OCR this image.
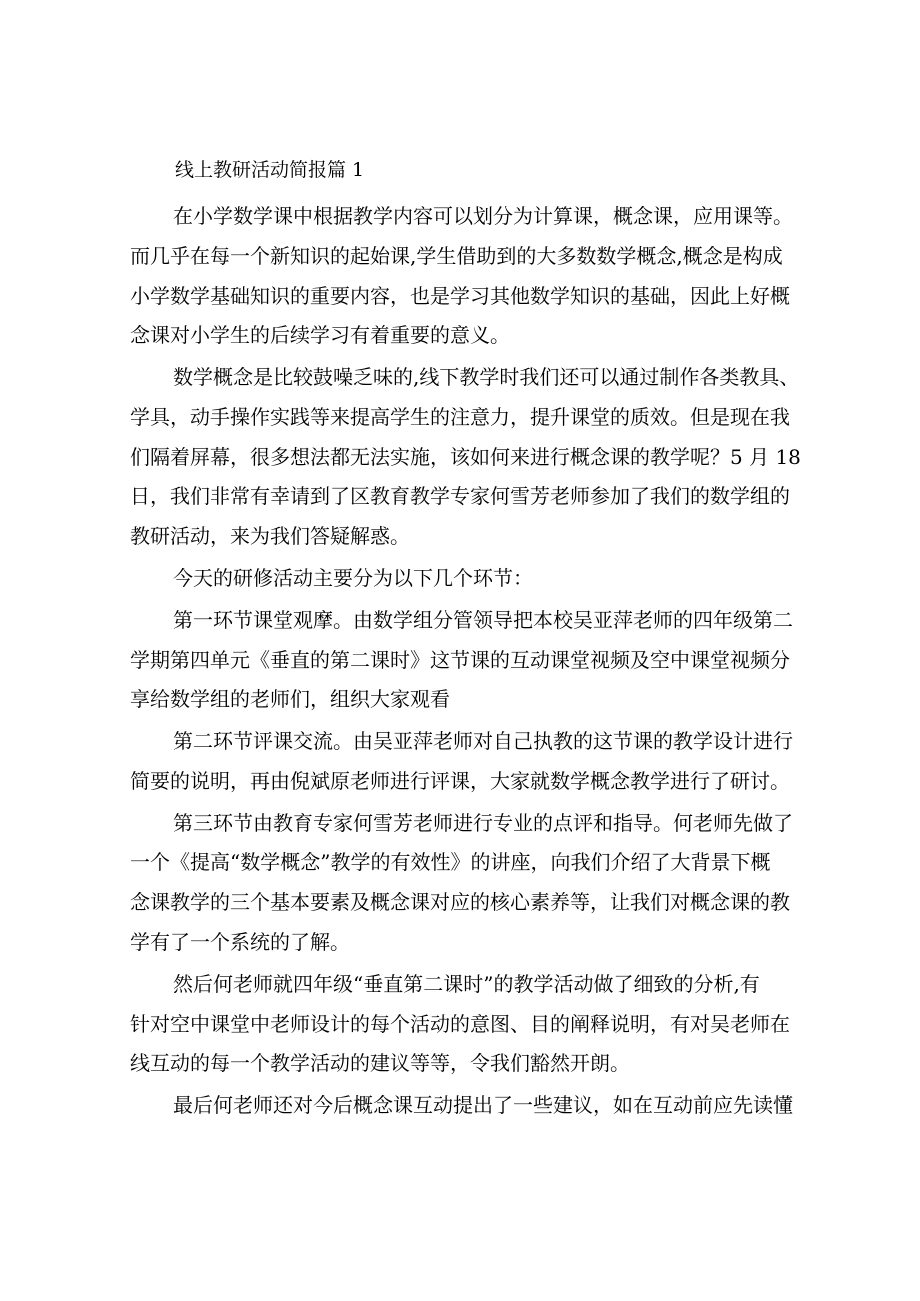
线上教研活动简报篇 1
在小学数学课中根据教学内容可以划分为计算课，概念课，应用课等。
而几乎在每一个新知识的起始课,学生借助到的大多数数学概念,概念是构成
小学数学基础知识的重要内容，也是学习其他数学知识的基础，因此上好概
念课对小学生的后续学习有着重要的意义。
数学概念是比较鼓噪乏味的,线下教学时我们还可以通过制作各类教具、
学具，动手操作实践等来提高学生的注意力，提升课堂的质效。但是现在我
们隔着屏幕，很多想法都无法实施，该如何来进行概念课的教学呢？5 月 18
日，我们非常有幸请到了区教育教学专家何雪芳老师参加了我们的数学组的
教研活动，来为我们答疑解惑。
今天的研修活动主要分为以下几个环节：
第一环节课堂观摩。由数学组分管领导把本校吴亚萍老师的四年级第二
学期第四单元《垂直的第二课时》这节课的互动课堂视频及空中课堂视频分
享给数学组的老师们，组织大家观看
第二环节评课交流。由吴亚萍老师对自己执教的这节课的教学设计进行
简要的说明，再由倪斌原老师进行评课，大家就数学概念教学进行了研讨。
第三环节由教育专家何雪芳老师进行专业的点评和指导。何老师先做了
一个《提高“数学概念”教学的有效性》的讲座，向我们介绍了大背景下概
念课教学的三个基本要素及概念课对应的核心素养等，让我们对概念课的教
学有了一个系统的了解。
然后何老师就四年级“垂直第二课时”的教学活动做了细致的分析,有
针对空中课堂中老师设计的每个活动的意图、目的阐释说明，有对吴老师在
线互动的每一个教学活动的建议等等，令我们豁然开朗。
最后何老师还对今后概念课互动提出了一些建议，如在互动前应先读懂
